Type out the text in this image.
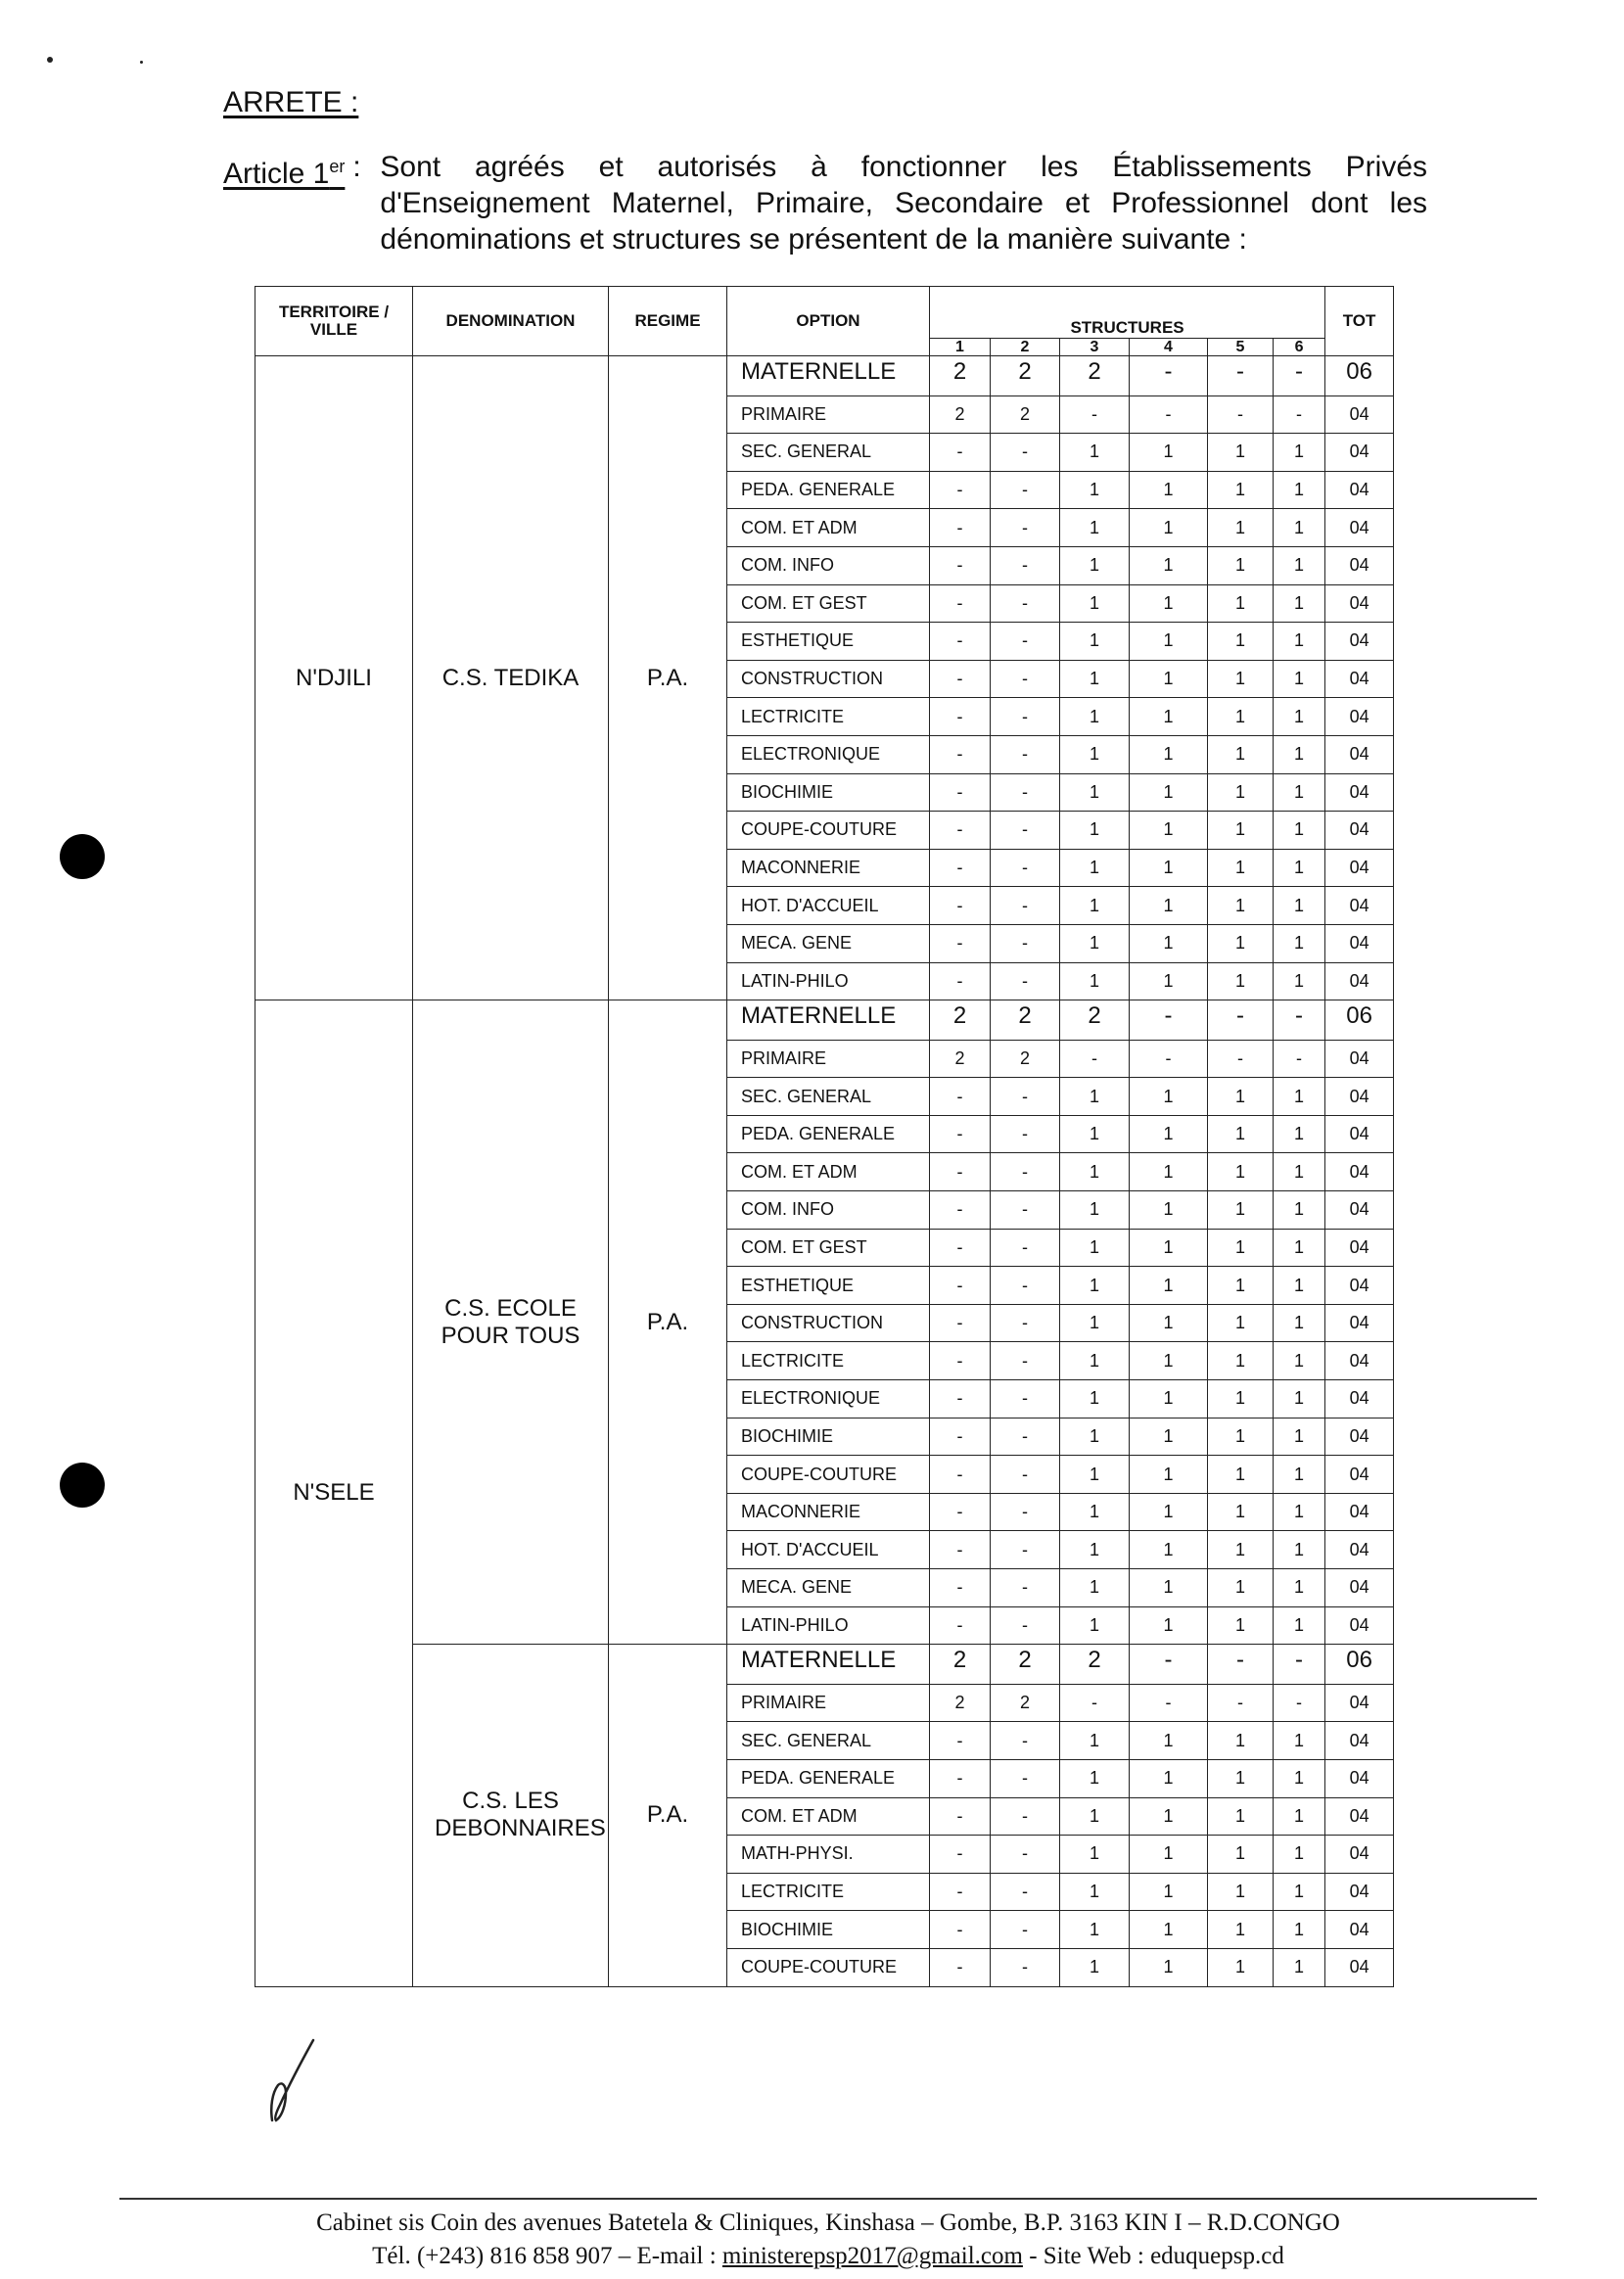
ARRETE :
Article 1er : Sont agréés et autorisés à fonctionner les Établissements Privés d'Enseignement Maternel, Primaire, Secondaire et Professionnel dont les dénominations et structures se présentent de la manière suivante :
TERRITOIRE / VILLE	DENOMINATION	REGIME	OPTION	STRUCTURES						TOT
				1	2	3	4	5	6	
N'DJILI	C.S. TEDIKA	P.A.	MATERNELLE	2	2	2	-	-	-	06
			PRIMAIRE	2	2	-	-	-	-	04
			SEC. GENERAL	-	-	1	1	1	1	04
			PEDA. GENERALE	-	-	1	1	1	1	04
			COM. ET ADM	-	-	1	1	1	1	04
			COM. INFO	-	-	1	1	1	1	04
			COM. ET GEST	-	-	1	1	1	1	04
			ESTHETIQUE	-	-	1	1	1	1	04
			CONSTRUCTION	-	-	1	1	1	1	04
			LECTRICITE	-	-	1	1	1	1	04
			ELECTRONIQUE	-	-	1	1	1	1	04
			BIOCHIMIE	-	-	1	1	1	1	04
			COUPE-COUTURE	-	-	1	1	1	1	04
			MACONNERIE	-	-	1	1	1	1	04
			HOT. D'ACCUEIL	-	-	1	1	1	1	04
			MECA. GENE	-	-	1	1	1	1	04
			LATIN-PHILO	-	-	1	1	1	1	04
N'SELE	C.S. ECOLE POUR TOUS	P.A.	MATERNELLE	2	2	2	-	-	-	06
			PRIMAIRE	2	2	-	-	-	-	04
			SEC. GENERAL	-	-	1	1	1	1	04
			PEDA. GENERALE	-	-	1	1	1	1	04
			COM. ET ADM	-	-	1	1	1	1	04
			COM. INFO	-	-	1	1	1	1	04
			COM. ET GEST	-	-	1	1	1	1	04
			ESTHETIQUE	-	-	1	1	1	1	04
			CONSTRUCTION	-	-	1	1	1	1	04
			LECTRICITE	-	-	1	1	1	1	04
			ELECTRONIQUE	-	-	1	1	1	1	04
			BIOCHIMIE	-	-	1	1	1	1	04
			COUPE-COUTURE	-	-	1	1	1	1	04
			MACONNERIE	-	-	1	1	1	1	04
			HOT. D'ACCUEIL	-	-	1	1	1	1	04
			MECA. GENE	-	-	1	1	1	1	04
			LATIN-PHILO	-	-	1	1	1	1	04
	C.S. LES DEBONNAIRES	P.A.	MATERNELLE	2	2	2	-	-	-	06
			PRIMAIRE	2	2	-	-	-	-	04
			SEC. GENERAL	-	-	1	1	1	1	04
			PEDA. GENERALE	-	-	1	1	1	1	04
			COM. ET ADM	-	-	1	1	1	1	04
			MATH-PHYSI.	-	-	1	1	1	1	04
			LECTRICITE	-	-	1	1	1	1	04
			BIOCHIMIE	-	-	1	1	1	1	04
			COUPE-COUTURE	-	-	1	1	1	1	04
Cabinet sis Coin des avenues Batetela & Cliniques, Kinshasa – Gombe, B.P. 3163 KIN I – R.D.CONGO
Tél. (+243) 816 858 907 – E-mail : ministerepsp2017@gmail.com - Site Web : eduquepsp.cd
